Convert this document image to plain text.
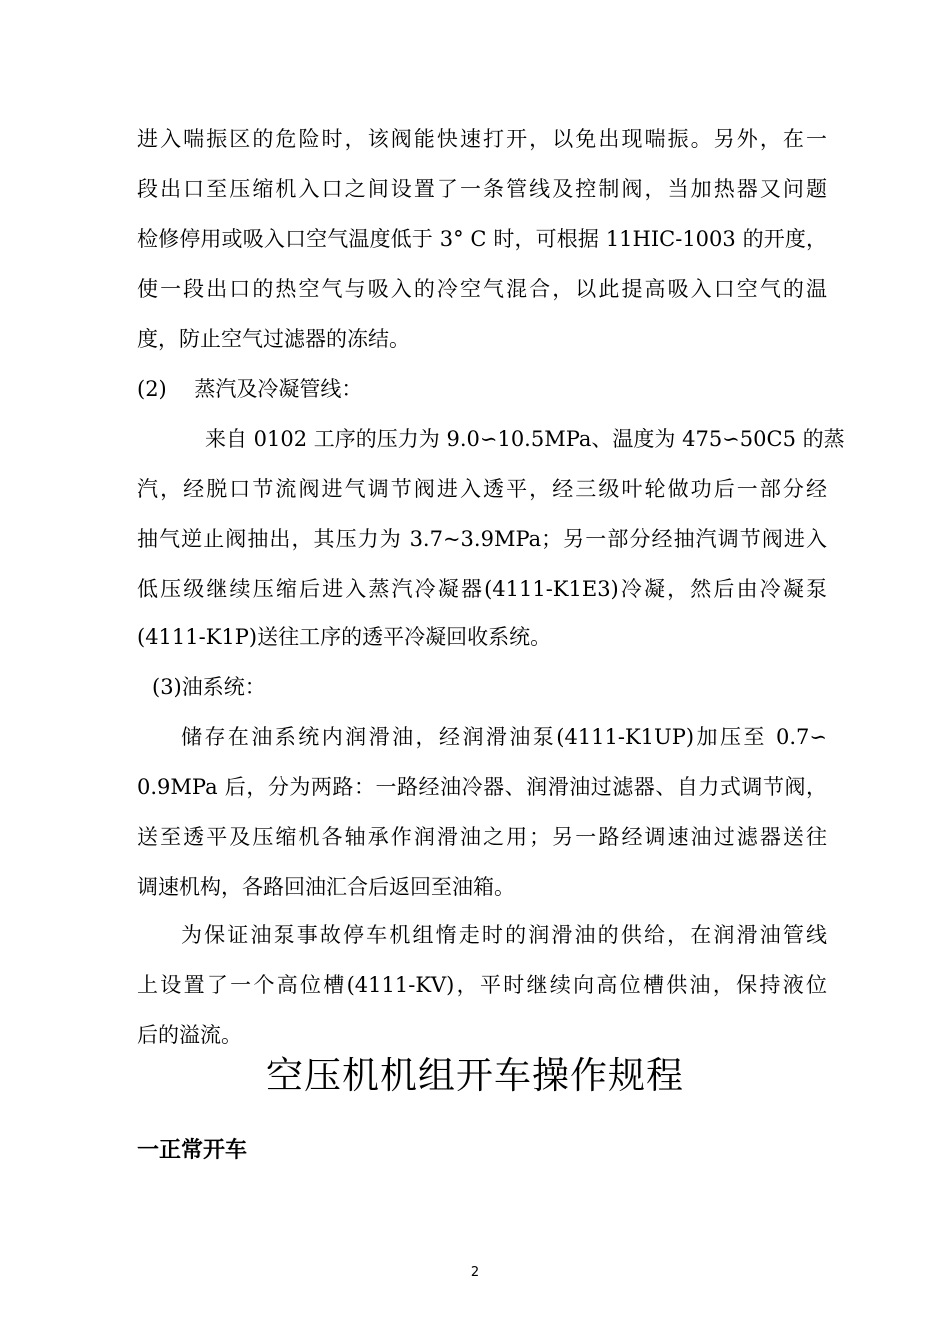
进入喘振区的危险时，该阀能快速打开，以免出现喘振。另外，在一
段出口至压缩机入口之间设置了一条管线及控制阀，当加热器又问题
检修停用或吸入口空气温度低于 3° C 时，可根据 11HIC-1003 的开度，
使一段出口的热空气与吸入的冷空气混合，以此提高吸入口空气的温
度，防止空气过滤器的冻结。
(2)　 蒸汽及冷凝管线：
来自 0102 工序的压力为 9.0∽10.5MPa、温度为 475∽50C5 的蒸
汽，经脱口节流阀进气调节阀进入透平，经三级叶轮做功后一部分经
抽气逆止阀抽出，其压力为 3.7~3.9MPa；另一部分经抽汽调节阀进入
低压级继续压缩后进入蒸汽冷凝器(4111-K1E3)冷凝，然后由冷凝泵
(4111-K1P)送往工序的透平冷凝回收系统。
(3)油系统：
储存在油系统内润滑油，经润滑油泵(4111-K1UP)加压至 0.7∽
0.9MPa 后，分为两路：一路经油冷器、润滑油过滤器、自力式调节阀，
送至透平及压缩机各轴承作润滑油之用；另一路经调速油过滤器送往
调速机构，各路回油汇合后返回至油箱。
为保证油泵事故停车机组惰走时的润滑油的供给，在润滑油管线
上设置了一个高位槽(4111-KV)，平时继续向高位槽供油，保持液位
后的溢流。
空压机机组开车操作规程
一正常开车
2
